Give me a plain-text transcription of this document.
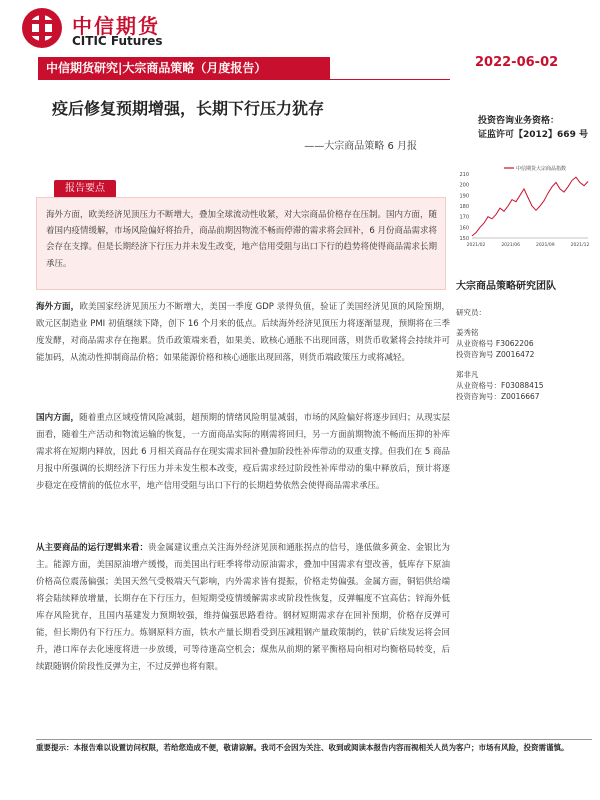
中信期货
CITIC Futures
中信期货研究|大宗商品策略（月度报告）	2022-06-02
疫后修复预期增强，长期下行压力犹存
——大宗商品策略 6 月报
投资咨询业务资格：
证监许可【2012】669 号
报告要点

海外方面，欧美经济见顶压力不断增大，叠加全球流动性收紧，对大宗商品价格存在压制。国内方面，随着国内疫情缓解，市场风险偏好将抬升，商品前期因物流不畅而停滞的需求将会回补，6 月份商品需求将会存在支撑。但是长期经济下行压力并未发生改变，地产信用受阻与出口下行的趋势将使得商品需求长期承压。

海外方面，欧美国家经济见顶压力不断增大，美国一季度 GDP 录得负值，验证了美国经济见顶的风险预期，欧元区制造业 PMI 初值继续下降，创下 16 个月来的低点。后续海外经济见顶压力将逐渐显现，预期将在三季度发酵，对商品需求存在拖累。货币政策端来看，如果美、欧核心通胀不出现回落，则货币收紧将会持续并可能加码，从流动性抑制商品价格；如果能源价格和核心通胀出现回落，则货币端政策压力或将减轻。

国内方面，随着重点区域疫情风险减弱，超预期的情绪风险明显减弱，市场的风险偏好将逐步回归；从现实层面看，随着生产活动和物流运输的恢复，一方面商品实际的刚需将回归，另一方面前期物流不畅而压抑的补库需求将在短期内释放，因此 6 月相关商品存在现实需求回补叠加阶段性补库带动的双重支撑。但我们在 5 商品月报中所强调的长期经济下行压力并未发生根本改变，疫后需求经过阶段性补库带动的集中释放后，预计将逐步稳定在疫情前的低位水平，地产信用受阻与出口下行的长期趋势依然会使得商品需求承压。

从主要商品的运行逻辑来看：贵金属建议重点关注海外经济见顶和通胀拐点的信号，逢低做多黄金、金银比为主。能源方面，美国原油增产缓慢，而美国出行旺季将带动原油需求，叠加中国需求有望改善，低库存下原油价格高位震荡偏强；美国天然气受极端天气影响，内外需求皆有提振，价格走势偏强。金属方面，铜铝供给端将会陆续释放增量，长期存在下行压力，但短期受疫情缓解需求或阶段性恢复，反弹幅度不宜高估；锌海外低库存风险犹存，且国内基建发力预期较强，维持偏强思路看待。钢材短期需求存在回补预期，价格存反弹可能，但长期仍有下行压力。炼钢原料方面，铁水产量长期看受到压减粗钢产量政策制约，铁矿后续发运将会回升，港口库存去化速度将进一步放缓，可等待逢高空机会；煤焦从前期的紧平衡格局向相对均衡格局转变，后续跟随钢价阶段性反弹为主，不过反弹也将有限。

中信期货大宗商品指数
150
160
170
180
190
200
210
2021/02	2021/06	2021/09	2021/12
大宗商品策略研究团队
研究员：
姜秀铭
从业资格号 F3062206
投资咨询号 Z0016472
郑非凡
从业资格号：F03088415
投资咨询号：Z0016667
重要提示：本报告难以设置访问权限，若给您造成不便，敬请谅解。我司不会因为关注、收到或阅读本报告内容而视相关人员为客户；市场有风险，投资需谨慎。
